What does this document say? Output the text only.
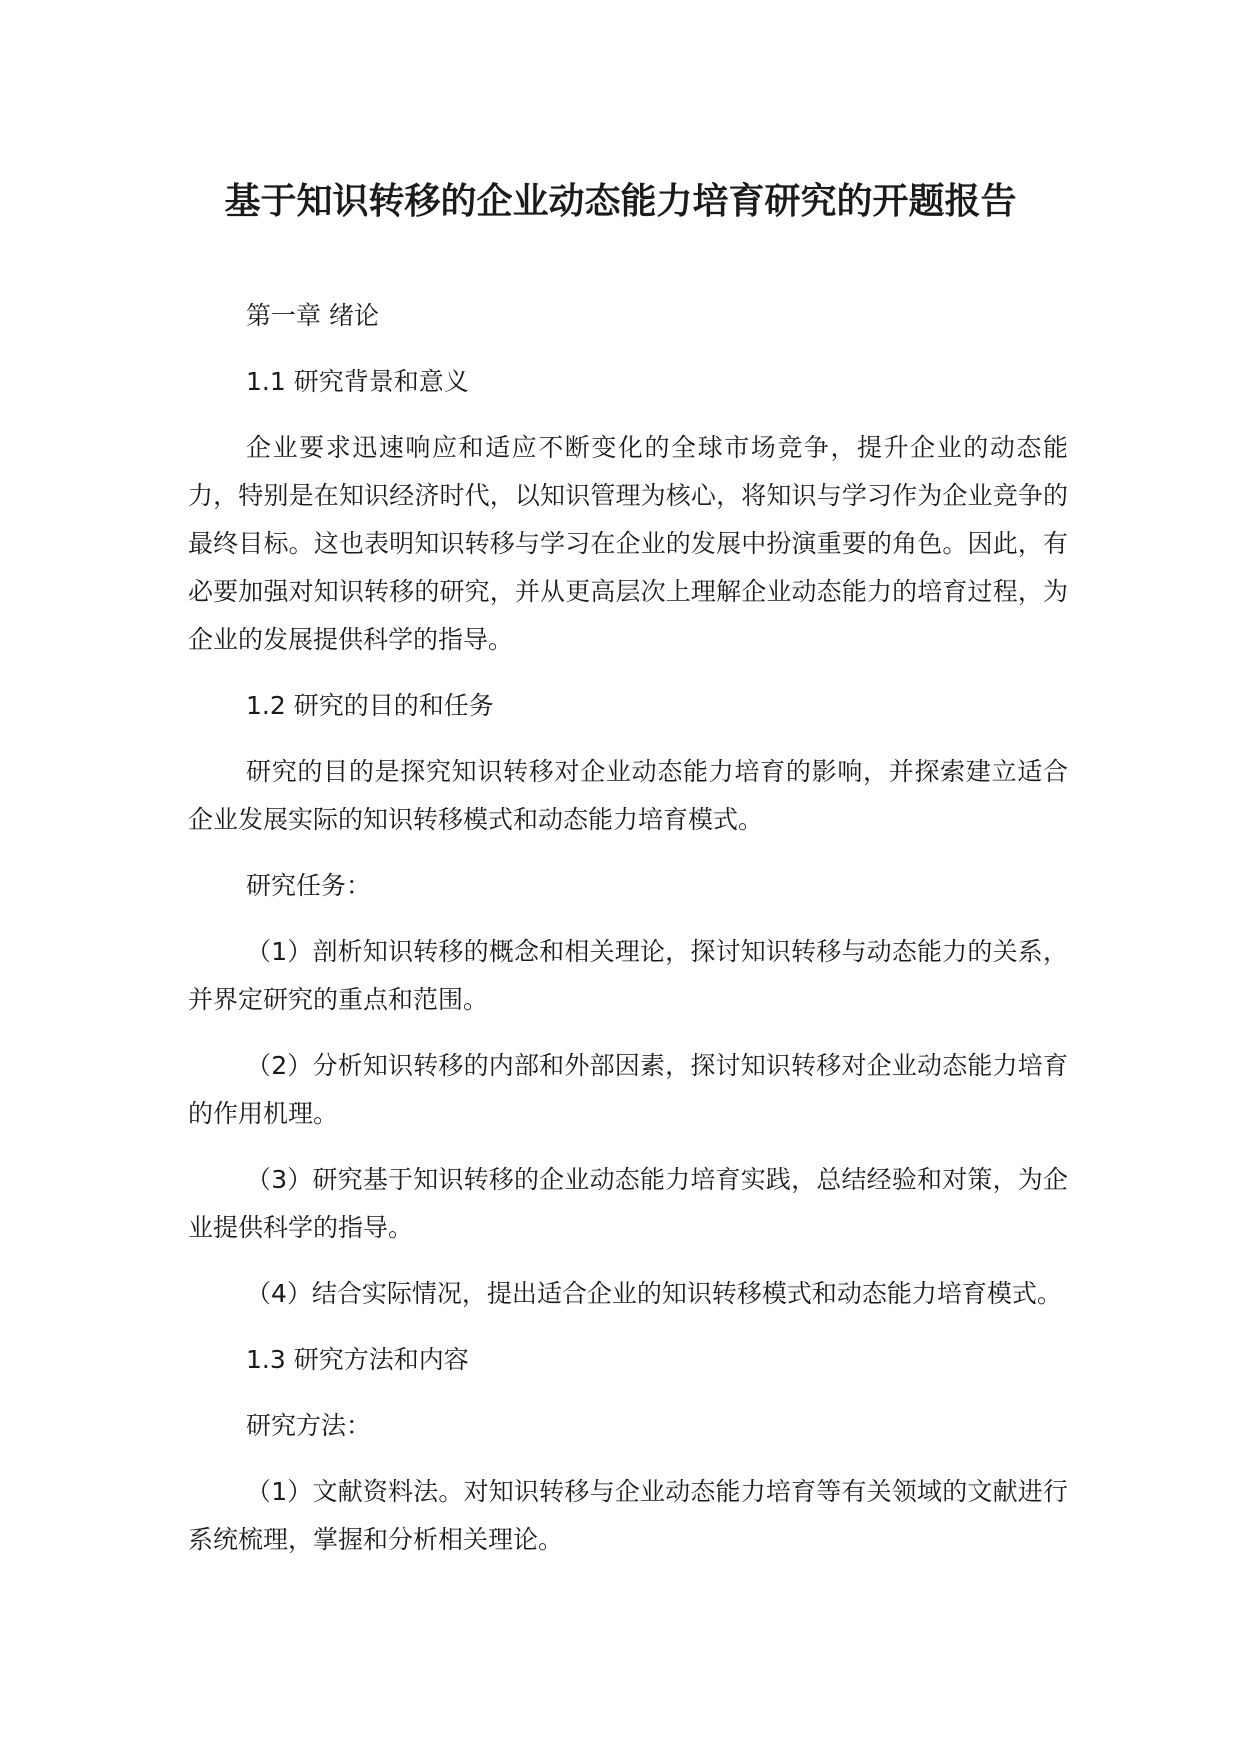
基于知识转移的企业动态能力培育研究的开题报告

第一章 绪论

1.1 研究背景和意义

企业要求迅速响应和适应不断变化的全球市场竞争，提升企业的动态能力，特别是在知识经济时代，以知识管理为核心，将知识与学习作为企业竞争的最终目标。这也表明知识转移与学习在企业的发展中扮演重要的角色。因此，有必要加强对知识转移的研究，并从更高层次上理解企业动态能力的培育过程，为企业的发展提供科学的指导。

1.2 研究的目的和任务

研究的目的是探究知识转移对企业动态能力培育的影响，并探索建立适合企业发展实际的知识转移模式和动态能力培育模式。

研究任务：

（1）剖析知识转移的概念和相关理论，探讨知识转移与动态能力的关系，并界定研究的重点和范围。

（2）分析知识转移的内部和外部因素，探讨知识转移对企业动态能力培育的作用机理。

（3）研究基于知识转移的企业动态能力培育实践，总结经验和对策，为企业提供科学的指导。

（4）结合实际情况，提出适合企业的知识转移模式和动态能力培育模式。

1.3 研究方法和内容

研究方法：

（1）文献资料法。对知识转移与企业动态能力培育等有关领域的文献进行系统梳理，掌握和分析相关理论。
